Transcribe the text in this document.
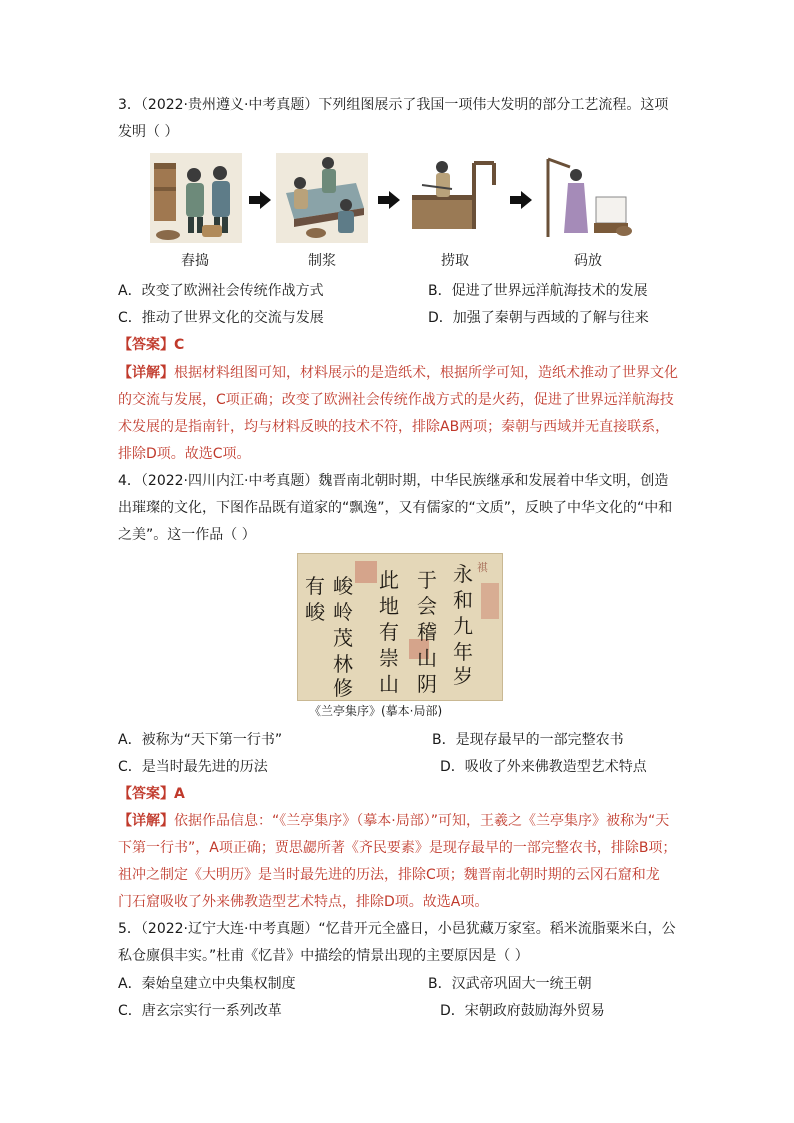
3．（2022·贵州遵义·中考真题）下列组图展示了我国一项伟大发明的部分工艺流程。这项
发明（ ）
舂捣	制浆	捞取	码放
A．改变了欧洲社会传统作战方式	B．促进了世界远洋航海技术的发展
C．推动了世界文化的交流与发展	D．加强了秦朝与西域的了解与往来
【答案】C
【详解】根据材料组图可知，材料展示的是造纸术，根据所学可知，造纸术推动了世界文化
的交流与发展，C项正确；改变了欧洲社会传统作战方式的是火药，促进了世界远洋航海技
术发展的是指南针，均与材料反映的技术不符，排除AB两项；秦朝与西域并无直接联系，
排除D项。故选C项。
4．（2022·四川内江·中考真题）魏晋南北朝时期，中华民族继承和发展着中华文明，创造
出璀璨的文化，下图作品既有道家的“飘逸”，又有儒家的“文质”，反映了中华文化的“中和
之美”。这一作品（ ）
褀
永
和
九
年
岁
于
会
稽
山
阴
此
地
有
崇
山
峻
岭
茂
林
修
有
峻
《兰亭集序》(摹本·局部)
A．被称为“天下第一行书”	B．是现存最早的一部完整农书
C．是当时最先进的历法	D．吸收了外来佛教造型艺术特点
【答案】A
【详解】依据作品信息：“《兰亭集序》（摹本·局部）”可知，王羲之《兰亭集序》被称为“天
下第一行书”，A项正确；贾思勰所著《齐民要素》是现存最早的一部完整农书，排除B项；
祖冲之制定《大明历》是当时最先进的历法，排除C项；魏晋南北朝时期的云冈石窟和龙
门石窟吸收了外来佛教造型艺术特点，排除D项。故选A项。
5．（2022·辽宁大连·中考真题）“忆昔开元全盛日，小邑犹藏万家室。稻米流脂粟米白，公
私仓廪俱丰实。”杜甫《忆昔》中描绘的情景出现的主要原因是（ ）
A．秦始皇建立中央集权制度	B．汉武帝巩固大一统王朝
C．唐玄宗实行一系列改革	D．宋朝政府鼓励海外贸易
